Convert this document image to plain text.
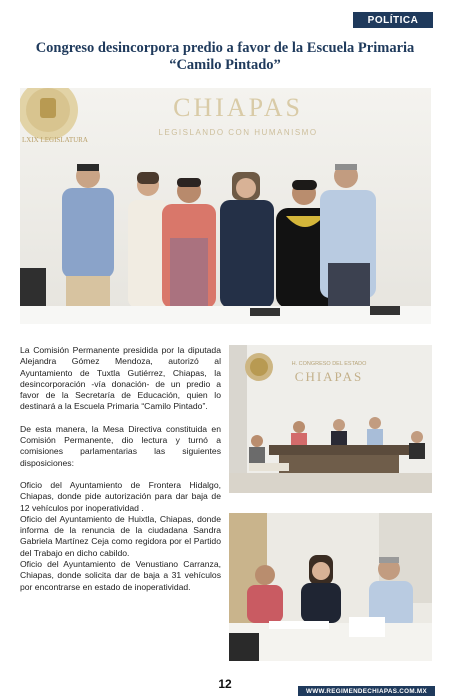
POLÍTICA
Congreso desincorpora predio a favor de la Escuela Primaria “Camilo Pintado”
LXIX LEGISLATURA
CHIAPAS
LEGISLANDO CON HUMANISMO

La Comisión Permanente presidida por la diputada Alejandra Gómez Mendoza, autorizó al Ayuntamiento de Tuxtla Gutiérrez, Chiapas, la desincorporación -vía donación- de un predio a favor de la Secretaría de Educación, quien lo destinará a la Escuela Primaria “Camilo Pintado”.

De esta manera, la Mesa Directiva constituida en Comisión Permanente, dio lectura y turnó a comisiones parlamentarias las siguientes disposiciones:

Oficio del Ayuntamiento de Frontera Hidalgo, Chiapas, donde pide autorización para dar baja de 12 vehículos por inoperatividad .

Oficio del Ayuntamiento de Huixtla, Chiapas, donde informa de la renuncia de la ciudadana Sandra Gabriela Martínez Ceja como regidora por el Partido del Trabajo en dicho cabildo.

Oficio del Ayuntamiento de Venustiano Carranza, Chiapas, donde solicita dar de baja a 31 vehículos por encontrarse en estado de inoperatividad.

H. CONGRESO DEL ESTADO
CHIAPAS
12	WWW.REGIMENDECHIAPAS.COM.MX
